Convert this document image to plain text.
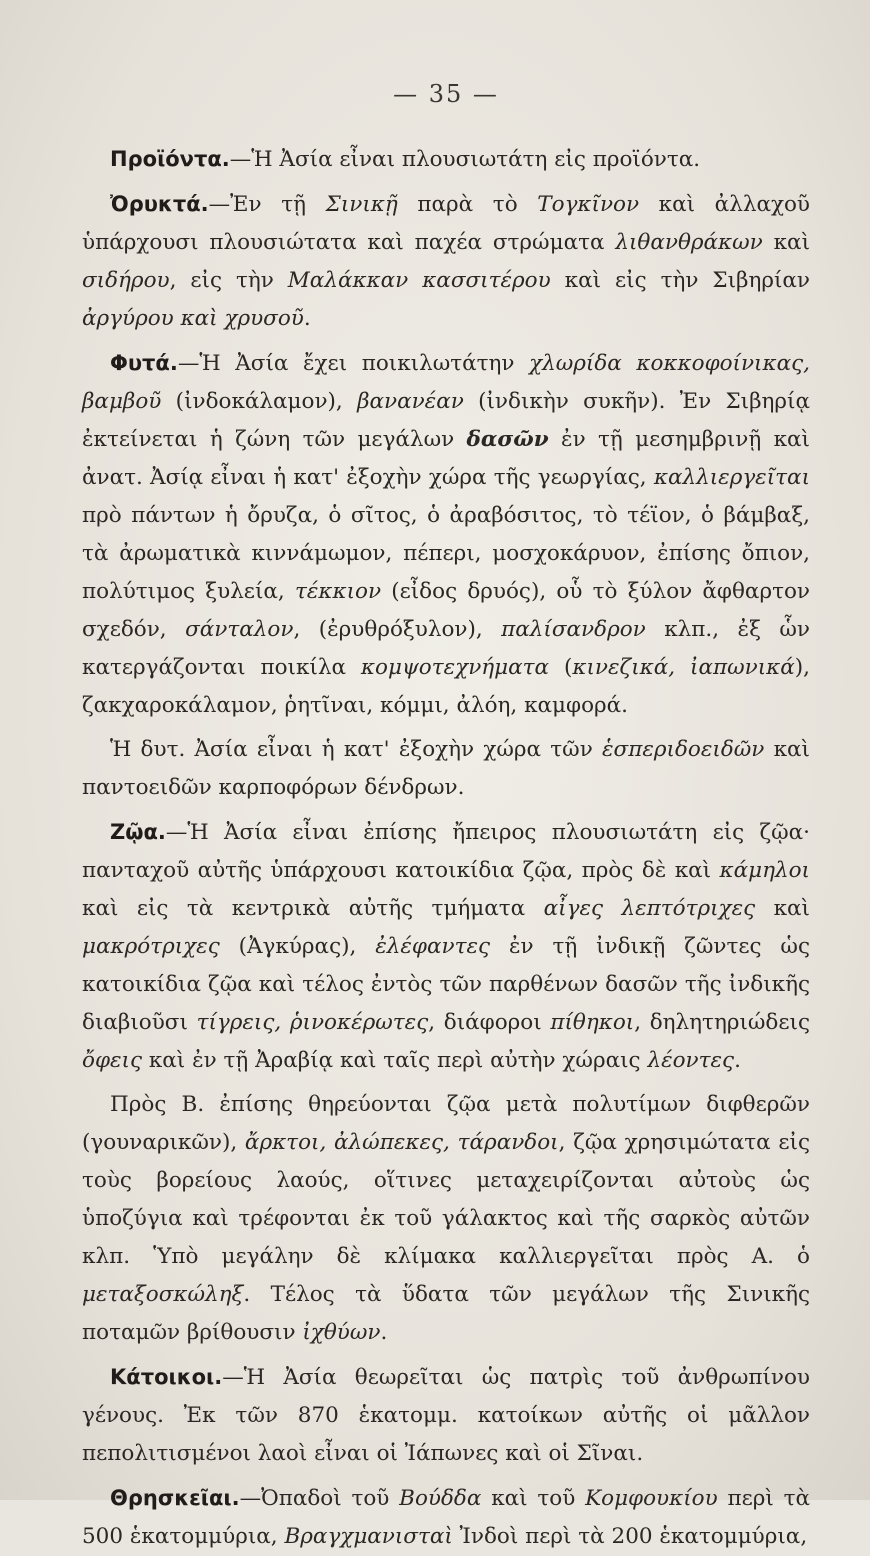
— 35 —

Προϊόντα.—Ἡ Ἀσία εἶναι πλουσιωτάτη εἰς προϊόντα.

Ὀρυκτά.—Ἐν τῇ Σινικῇ παρὰ τὸ Τογκῖνον καὶ ἀλλαχοῦ ὑπάρχουσι πλουσιώτατα καὶ παχέα στρώματα λιθανθράκων καὶ σιδήρου, εἰς τὴν Μαλάκκαν κασσιτέρου καὶ εἰς τὴν Σιβηρίαν ἀργύρου καὶ χρυσοῦ.

Φυτά.—Ἡ Ἀσία ἔχει ποικιλωτάτην χλωρίδα κοκκοφοίνικας, βαμβοῦ (ἰνδοκάλαμον), βανανέαν (ἰνδικὴν συκῆν). Ἐν Σιβηρίᾳ ἐκτείνεται ἡ ζώνη τῶν μεγάλων δασῶν ἐν τῇ μεσημβρινῇ καὶ ἀνατ. Ἀσίᾳ εἶναι ἡ κατ' ἐξοχὴν χώρα τῆς γεωργίας, καλλιεργεῖται πρὸ πάντων ἡ ὄρυζα, ὁ σῖτος, ὁ ἀραβόσιτος, τὸ τέϊον, ὁ βάμβαξ, τὰ ἀρωματικὰ κιννάμωμον, πέπερι, μοσχοκάρυον, ἐπίσης ὄπιον, πολύτιμος ξυλεία, τέκκιον (εἶδος δρυός), οὗ τὸ ξύλον ἄφθαρτον σχεδόν, σάνταλον, (ἐρυθρόξυλον), παλίσανδρον κλπ., ἐξ ὧν κατεργάζονται ποικίλα κομψοτεχνήματα (κινεζικά, ἰαπωνικά), ζακχαροκάλαμον, ῥητῖναι, κόμμι, ἀλόη, καμφορά.

Ἡ δυτ. Ἀσία εἶναι ἡ κατ' ἐξοχὴν χώρα τῶν ἑσπεριδοειδῶν καὶ παντοειδῶν καρποφόρων δένδρων.

Ζῷα.—Ἡ Ἀσία εἶναι ἐπίσης ἤπειρος πλουσιωτάτη εἰς ζῷα· πανταχοῦ αὐτῆς ὑπάρχουσι κατοικίδια ζῷα, πρὸς δὲ καὶ κάμηλοι καὶ εἰς τὰ κεντρικὰ αὐτῆς τμήματα αἶγες λεπτότριχες καὶ μακρότριχες (Ἀγκύρας), ἐλέφαντες ἐν τῇ ἰνδικῇ ζῶντες ὡς κατοικίδια ζῷα καὶ τέλος ἐντὸς τῶν παρθένων δασῶν τῆς ἰνδικῆς διαβιοῦσι τίγρεις, ῥινοκέρωτες, διάφοροι πίθηκοι, δηλητηριώδεις ὄφεις καὶ ἐν τῇ Ἀραβίᾳ καὶ ταῖς περὶ αὐτὴν χώραις λέοντες.

Πρὸς Β. ἐπίσης θηρεύονται ζῷα μετὰ πολυτίμων διφθερῶν (γουναρικῶν), ἄρκτοι, ἀλώπεκες, τάρανδοι, ζῷα χρησιμώτατα εἰς τοὺς βορείους λαούς, οἵτινες μεταχειρίζονται αὐτοὺς ὡς ὑποζύγια καὶ τρέφονται ἐκ τοῦ γάλακτος καὶ τῆς σαρκὸς αὐτῶν κλπ. Ὑπὸ μεγάλην δὲ κλίμακα καλλιεργεῖται πρὸς Α. ὁ μεταξοσκώληξ. Τέλος τὰ ὕδατα τῶν μεγάλων τῆς Σινικῆς ποταμῶν βρίθουσιν ἰχθύων.

Κάτοικοι.—Ἡ Ἀσία θεωρεῖται ὡς πατρὶς τοῦ ἀνθρωπίνου γένους. Ἐκ τῶν 870 ἑκατομμ. κατοίκων αὐτῆς οἱ μᾶλλον πεπολιτισμένοι λαοὶ εἶναι οἱ Ἰάπωνες καὶ οἱ Σῖναι.

Θρησκεῖαι.—Ὀπαδοὶ τοῦ Βούδδα καὶ τοῦ Κομφουκίου περὶ τὰ 500 ἑκατομμύρια, Βραγχμανισταὶ Ἰνδοὶ περὶ τὰ 200 ἑκατομμύρια,
